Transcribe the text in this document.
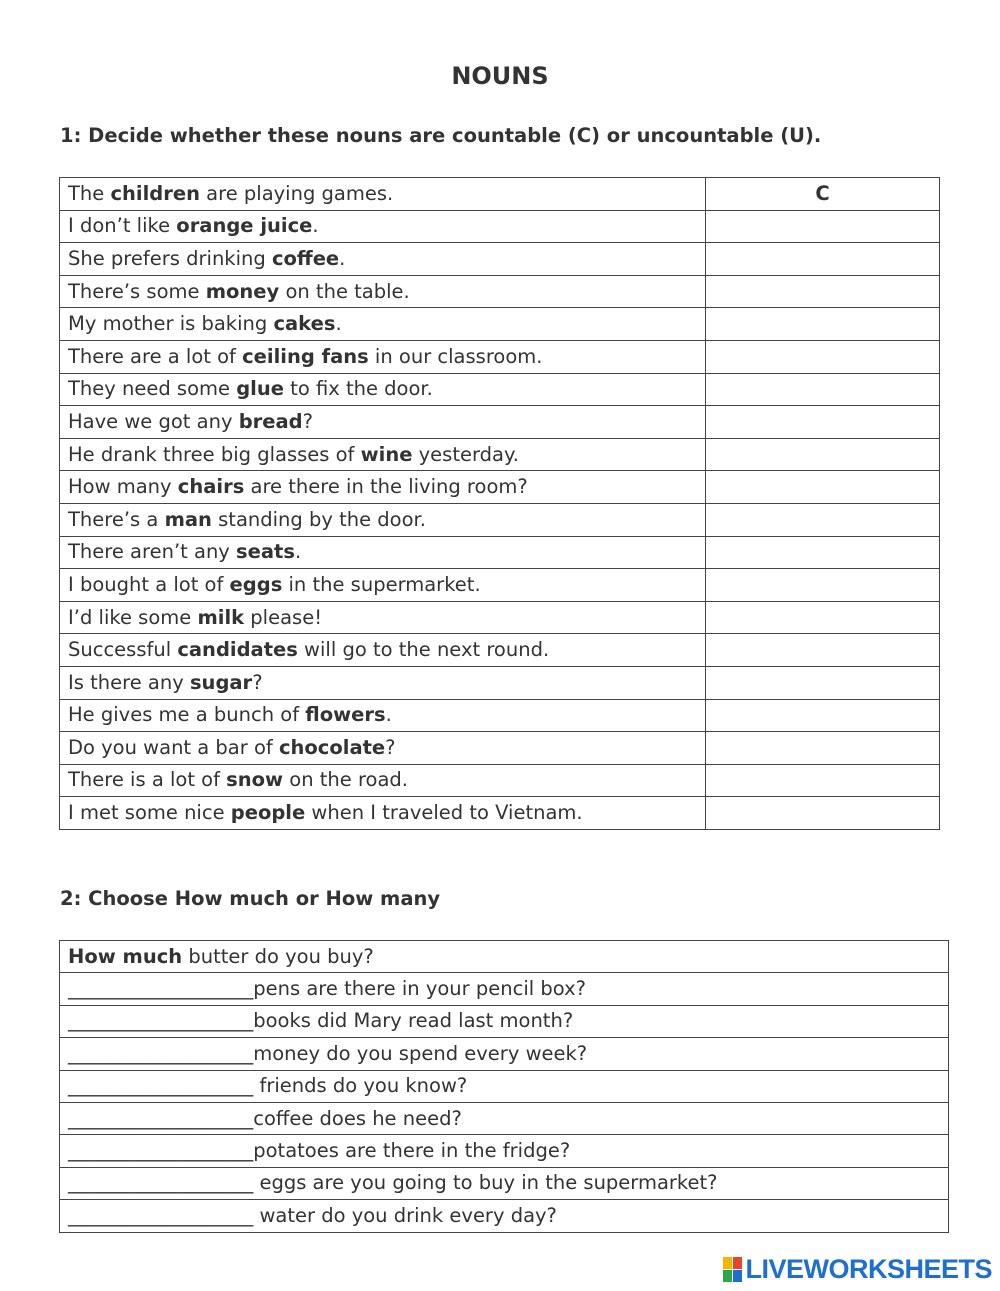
NOUNS
1: Decide whether these nouns are countable (C) or uncountable (U).
The children are playing games.	C
I don’t like orange juice.	
She prefers drinking coffee.	
There’s some money on the table.	
My mother is baking cakes.	
There are a lot of ceiling fans in our classroom.	
They need some glue to fix the door.	
Have we got any bread?	
He drank three big glasses of wine yesterday.	
How many chairs are there in the living room?	
There’s a man standing by the door.	
There aren’t any seats.	
I bought a lot of eggs in the supermarket.	
I’d like some milk please!	
Successful candidates will go to the next round.	
Is there any sugar?	
He gives me a bunch of flowers.	
Do you want a bar of chocolate?	
There is a lot of snow on the road.	
I met some nice people when I traveled to Vietnam.	
2: Choose How much or How many
How much butter do you buy?
___________________pens are there in your pencil box?
___________________books did Mary read last month?
___________________money do you spend every week?
___________________ friends do you know?
___________________coffee does he need?
___________________potatoes are there in the fridge?
___________________ eggs are you going to buy in the supermarket?
___________________ water do you drink every day?
LIVEWORKSHEETS
